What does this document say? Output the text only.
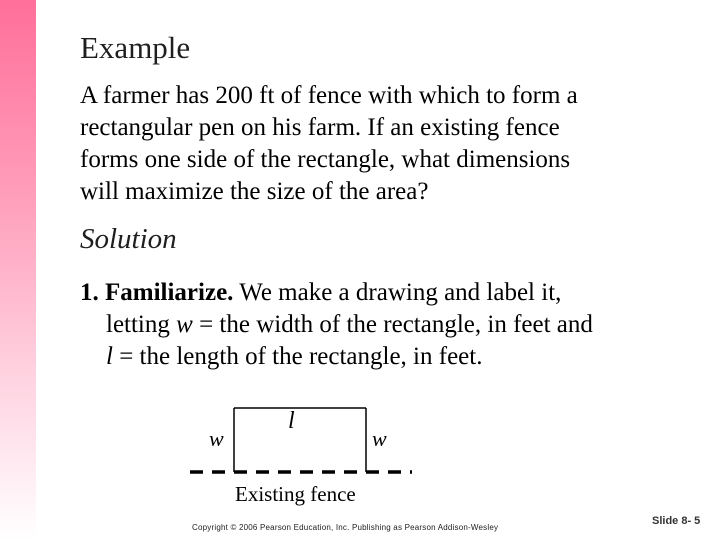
Example
A farmer has 200 ft of fence with which to form a
rectangular pen on his farm. If an existing fence
forms one side of the rectangle, what dimensions
will maximize the size of the area?
Solution
1. Familiarize. We make a drawing and label it,
letting w = the width of the rectangle, in feet and
l = the length of the rectangle, in feet.
w
l
w
Existing fence
Copyright © 2006 Pearson Education, Inc. Publishing as Pearson Addison-Wesley
Slide 8- 5
